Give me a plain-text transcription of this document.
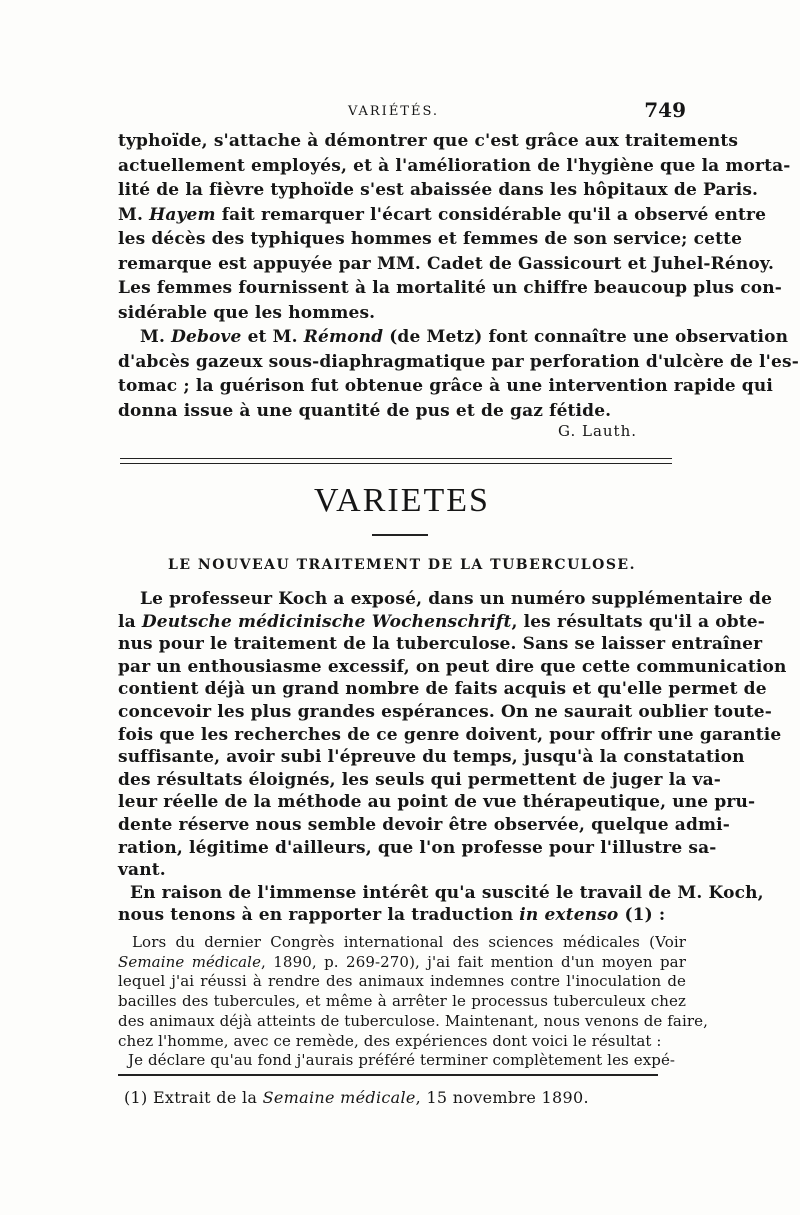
VARIÉTÉS.	749
typhoïde, s'attache à démontrer que c'est grâce aux traitements
actuellement employés, et à l'amélioration de l'hygiène que la morta-
lité de la fièvre typhoïde s'est abaissée dans les hôpitaux de Paris.
M. Hayem fait remarquer l'écart considérable qu'il a observé entre
les décès des typhiques hommes et femmes de son service; cette
remarque est appuyée par MM. Cadet de Gassicourt et Juhel-Rénoy.
Les femmes fournissent à la mortalité un chiffre beaucoup plus con-
sidérable que les hommes.
M. Debove et M. Rémond (de Metz) font connaître une observation
d'abcès gazeux sous-diaphragmatique par perforation d'ulcère de l'es-
tomac ; la guérison fut obtenue grâce à une intervention rapide qui
donna issue à une quantité de pus et de gaz fétide.
G. Lauth.
VARIETES
LE NOUVEAU TRAITEMENT DE LA TUBERCULOSE.
Le professeur Koch a exposé, dans un numéro supplémentaire de
la Deutsche médicinische Wochenschrift, les résultats qu'il a obte-
nus pour le traitement de la tuberculose. Sans se laisser entraîner
par un enthousiasme excessif, on peut dire que cette communication
contient déjà un grand nombre de faits acquis et qu'elle permet de
concevoir les plus grandes espérances. On ne saurait oublier toute-
fois que les recherches de ce genre doivent, pour offrir une garantie
suffisante, avoir subi l'épreuve du temps, jusqu'à la constatation
des résultats éloignés, les seuls qui permettent de juger la va-
leur réelle de la méthode au point de vue thérapeutique, une pru-
dente réserve nous semble devoir être observée, quelque admi-
ration, légitime d'ailleurs, que l'on professe pour l'illustre sa-
vant.
En raison de l'immense intérêt qu'a suscité le travail de M. Koch,
nous tenons à en rapporter la traduction in extenso (1) :
Lors du dernier Congrès international des sciences médicales (Voir
Semaine médicale, 1890, p. 269-270), j'ai fait mention d'un moyen par
lequel j'ai réussi à rendre des animaux indemnes contre l'inoculation de
bacilles des tubercules, et même à arrêter le processus tuberculeux chez
des animaux déjà atteints de tuberculose. Maintenant, nous venons de faire,
chez l'homme, avec ce remède, des expériences dont voici le résultat :
Je déclare qu'au fond j'aurais préféré terminer complètement les expé-
(1) Extrait de la Semaine médicale, 15 novembre 1890.
